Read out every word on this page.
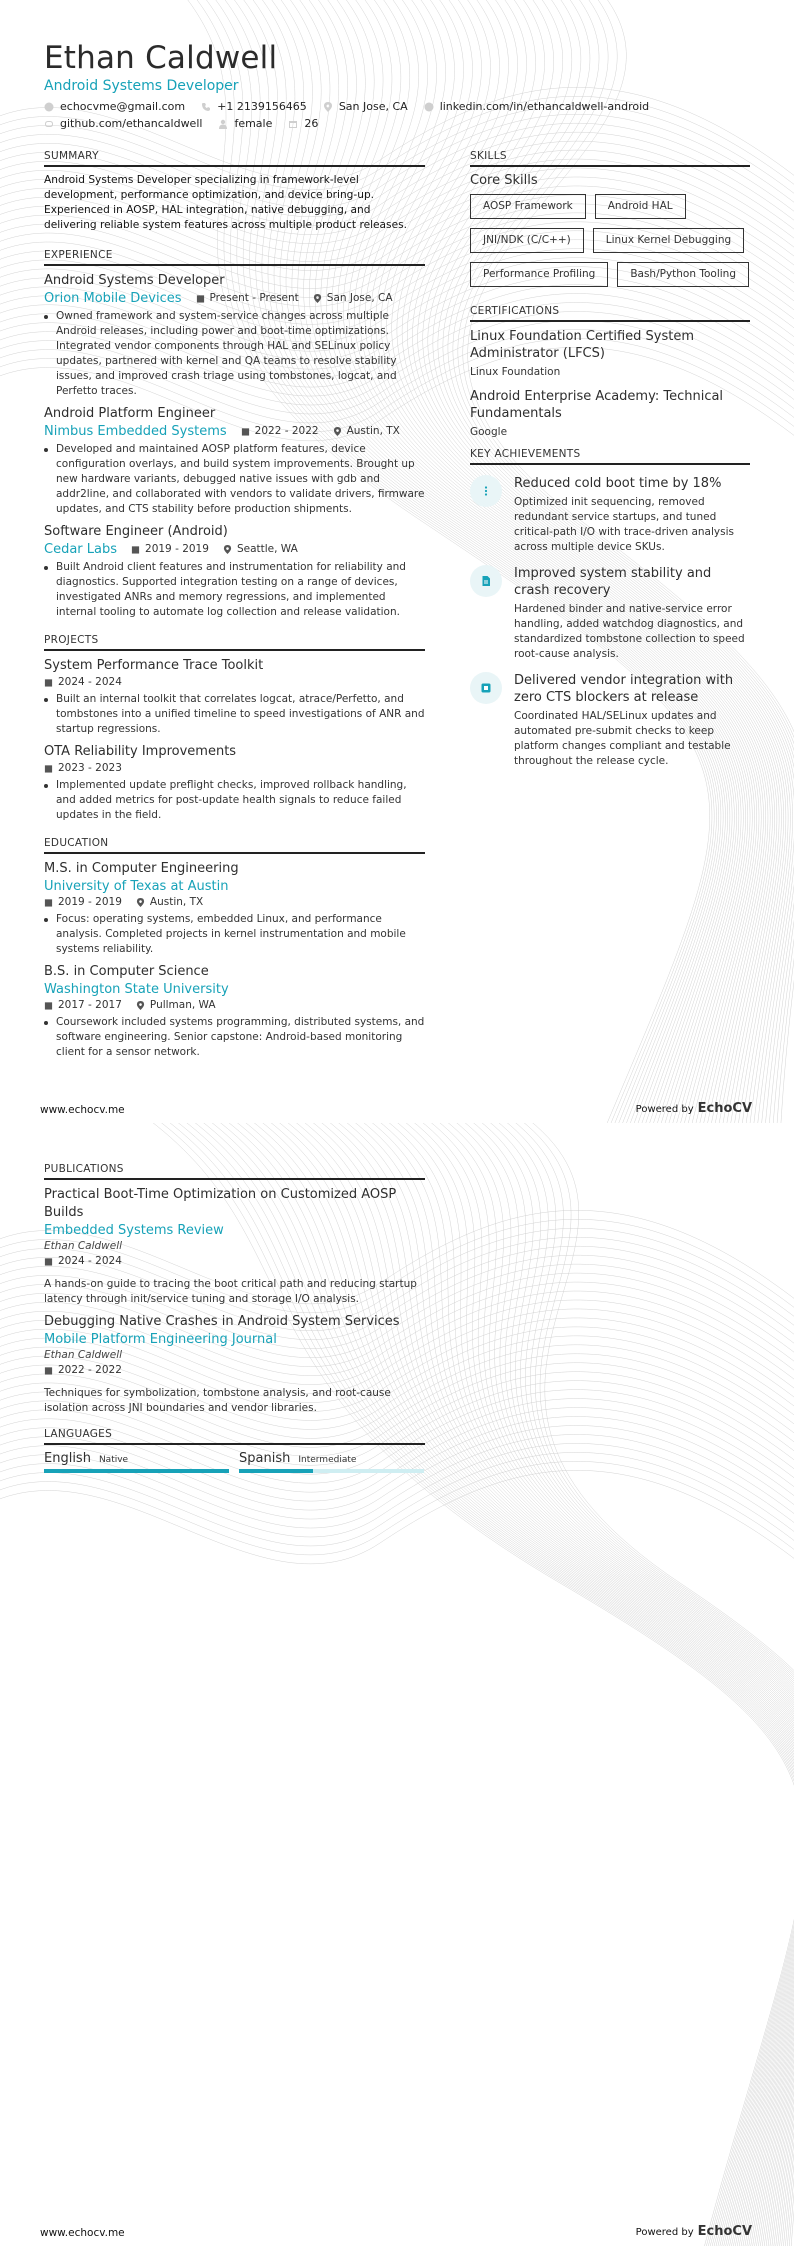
Ethan Caldwell
Android Systems Developer
echocvme@gmail.com	+1 2139156465	San Jose, CA	linkedin.com/in/ethancaldwell-android
github.com/ethancaldwell	female	26
SUMMARY
Android Systems Developer specializing in framework-level development, performance optimization, and device bring-up. Experienced in AOSP, HAL integration, native debugging, and delivering reliable system features across multiple product releases.
EXPERIENCE
Android Systems Developer
Orion Mobile Devices	Present - Present	San Jose, CA
Owned framework and system-service changes across multiple Android releases, including power and boot-time optimizations. Integrated vendor components through HAL and SELinux policy updates, partnered with kernel and QA teams to resolve stability issues, and improved crash triage using tombstones, logcat, and Perfetto traces.
Android Platform Engineer
Nimbus Embedded Systems	2022 - 2022	Austin, TX
Developed and maintained AOSP platform features, device configuration overlays, and build system improvements. Brought up new hardware variants, debugged native issues with gdb and addr2line, and collaborated with vendors to validate drivers, firmware updates, and CTS stability before production shipments.
Software Engineer (Android)
Cedar Labs	2019 - 2019	Seattle, WA
Built Android client features and instrumentation for reliability and diagnostics. Supported integration testing on a range of devices, investigated ANRs and memory regressions, and implemented internal tooling to automate log collection and release validation.
PROJECTS
System Performance Trace Toolkit
2024 - 2024
Built an internal toolkit that correlates logcat, atrace/Perfetto, and tombstones into a unified timeline to speed investigations of ANR and startup regressions.
OTA Reliability Improvements
2023 - 2023
Implemented update preflight checks, improved rollback handling, and added metrics for post-update health signals to reduce failed updates in the field.
EDUCATION
M.S. in Computer Engineering
University of Texas at Austin
2019 - 2019	Austin, TX
Focus: operating systems, embedded Linux, and performance analysis. Completed projects in kernel instrumentation and mobile systems reliability.
B.S. in Computer Science
Washington State University
2017 - 2017	Pullman, WA
Coursework included systems programming, distributed systems, and software engineering. Senior capstone: Android-based monitoring client for a sensor network.
SKILLS
Core Skills
AOSP Framework	Android HAL
JNI/NDK (C/C++)	Linux Kernel Debugging
Performance Profiling	Bash/Python Tooling
CERTIFICATIONS
Linux Foundation Certified System Administrator (LFCS)
Linux Foundation
Android Enterprise Academy: Technical Fundamentals
Google
KEY ACHIEVEMENTS
Reduced cold boot time by 18%
Optimized init sequencing, removed redundant service startups, and tuned critical-path I/O with trace-driven analysis across multiple device SKUs.
Improved system stability and crash recovery
Hardened binder and native-service error handling, added watchdog diagnostics, and standardized tombstone collection to speed root-cause analysis.
Delivered vendor integration with zero CTS blockers at release
Coordinated HAL/SELinux updates and automated pre-submit checks to keep platform changes compliant and testable throughout the release cycle.
www.echocv.me	Powered by EchoCV
PUBLICATIONS
Practical Boot-Time Optimization on Customized AOSP Builds
Embedded Systems Review
Ethan Caldwell
2024 - 2024
A hands-on guide to tracing the boot critical path and reducing startup latency through init/service tuning and storage I/O analysis.
Debugging Native Crashes in Android System Services
Mobile Platform Engineering Journal
Ethan Caldwell
2022 - 2022
Techniques for symbolization, tombstone analysis, and root-cause isolation across JNI boundaries and vendor libraries.
LANGUAGES
English Native	Spanish Intermediate
www.echocv.me	Powered by EchoCV
